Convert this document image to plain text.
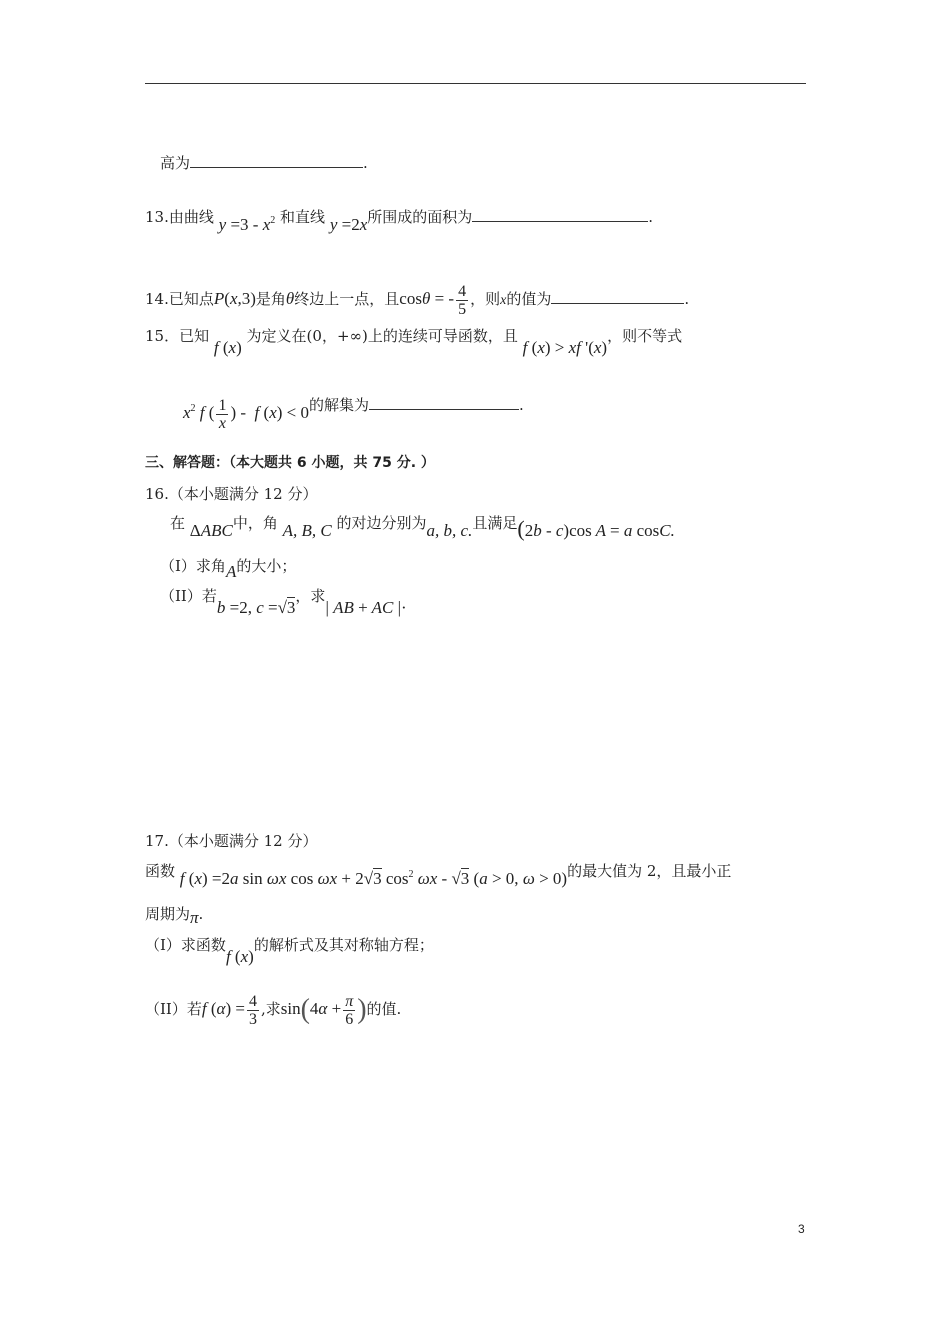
高为	.
13.由曲线 $y =3 - x^2$ 和直线 y =2x所围成的面积为	.
14.已知点P(x,3)是角θ终边上一点，且cosθ = - $\frac{4}{5}$ ，则x的值为	.
15．已知 f (x) 为定义在(0，+∞)上的连续可导函数，且 f (x) > xf '(x)，则不等式
$x^2$ f ( $\frac{1}{x}$ ) -  f (x) < 0的解集为	.
三、解答题：（本大题共 6 小题，共 75 分. ）
16.（本小题满分 12 分）
在 ΔABC中，角 A, B, C 的对边分别为a, b, c.且满足(2b - c)cos A = a cosC.
（I）求角A的大小；
（II）若b =2, c =√3，求| AB + AC |·
17.（本小题满分 12 分）
函数 f (x) =2a sin ωx cos ωx + 2√3 $\cos^2 \omega x - √3$ (a > 0, ω > 0)的最大值为 2，且最小正
周期为π.
（I）求函数f (x)的解析式及其对称轴方程；
（II）若f $(\alpha) = \frac{4}{3}$ ,求$\sin(4\alpha + \frac{\pi}{6}$ )的值.
3
